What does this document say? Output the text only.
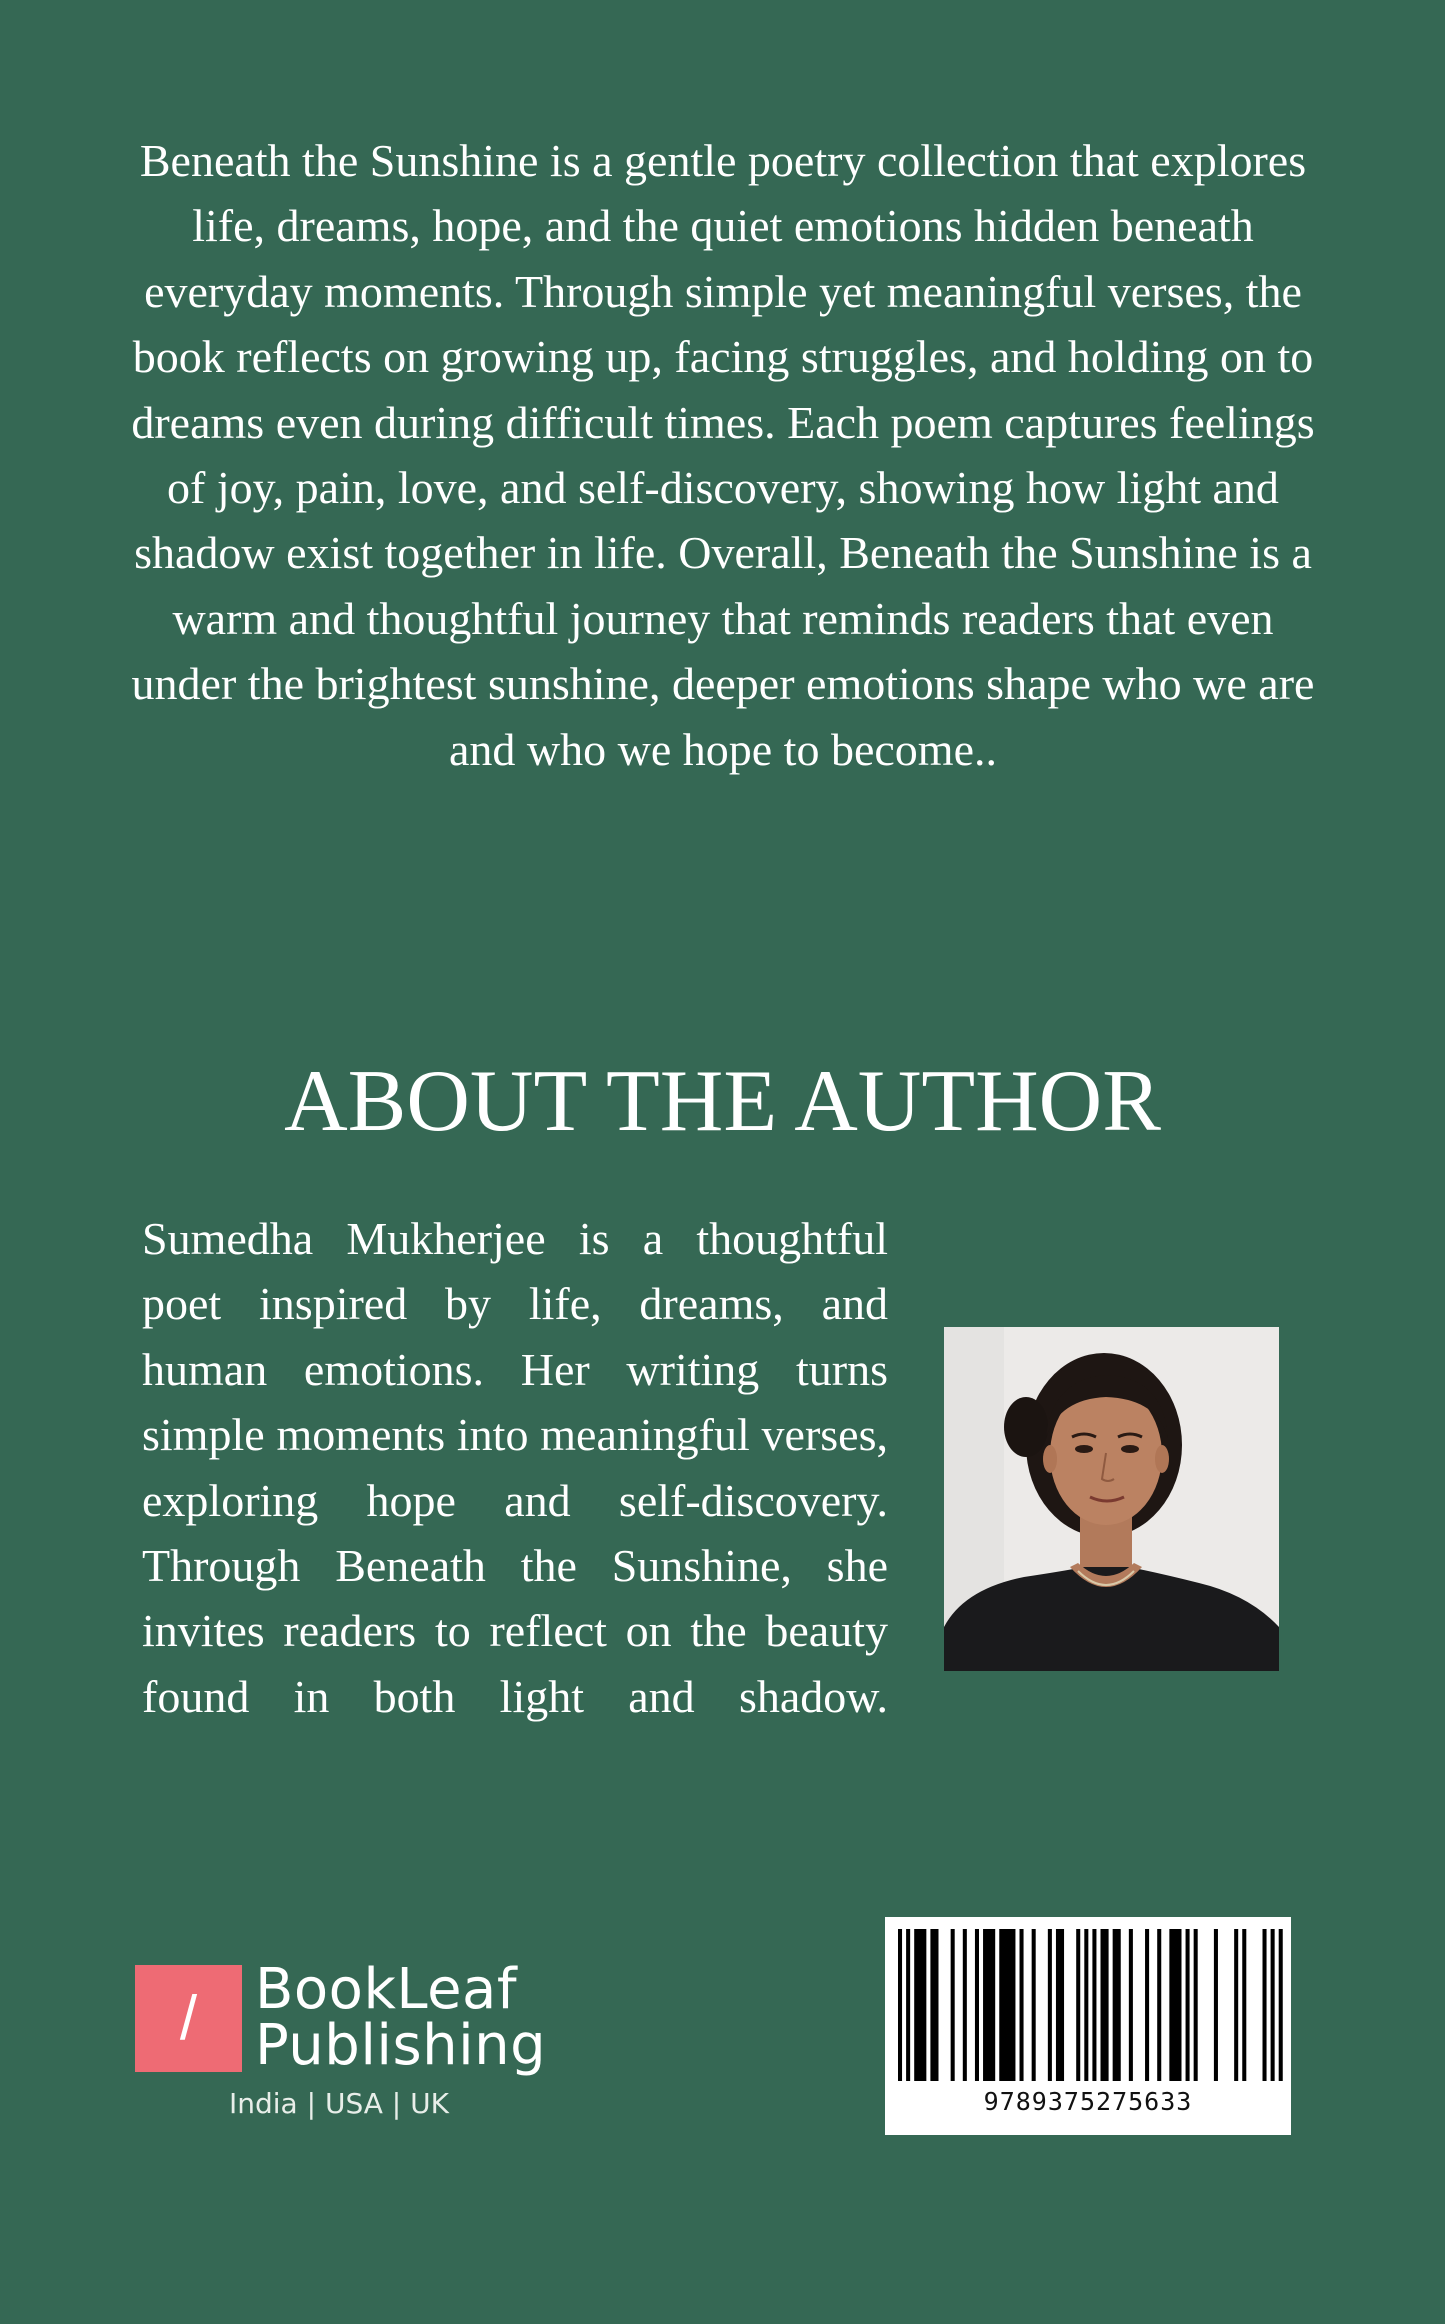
Beneath the Sunshine is a gentle poetry collection that explores life, dreams, hope, and the quiet emotions hidden beneath everyday moments. Through simple yet meaningful verses, the book reflects on growing up, facing struggles, and holding on to dreams even during difficult times. Each poem captures feelings of joy, pain, love, and self-discovery, showing how light and shadow exist together in life. Overall, Beneath the Sunshine is a warm and thoughtful journey that reminds readers that even under the brightest sunshine, deeper emotions shape who we are and who we hope to become..

ABOUT THE AUTHOR

Sumedha Mukherjee is a thoughtful poet inspired by life, dreams, and human emotions. Her writing turns simple moments into meaningful verses, exploring hope and self-discovery. Through Beneath the Sunshine, she invites readers to reflect on the beauty found in both light and shadow.

/	BookLeaf
Publishing
India | USA | UK	9789375275633
